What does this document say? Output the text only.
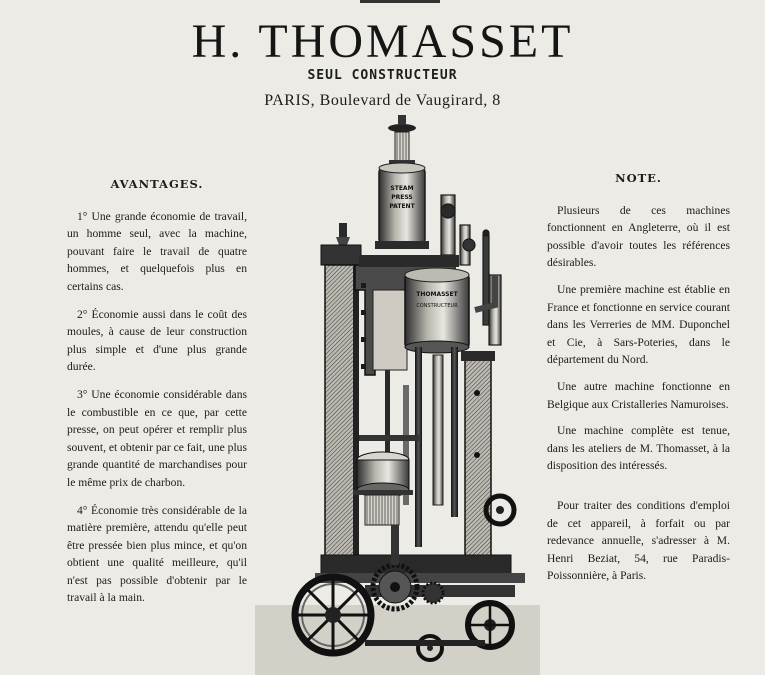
H. THOMASSET
SEUL CONSTRUCTEUR
PARIS, Boulevard de Vaugirard, 8
AVANTAGES.

1° Une grande économie de travail, un homme seul, avec la machine, pouvant faire le travail de quatre hommes, et quelquefois plus en certains cas.

2° Économie aussi dans le coût des moules, à cause de leur construction plus simple et d'une plus grande durée.

3° Une économie considérable dans le combustible en ce que, par cette presse, on peut opérer et remplir plus souvent, et obtenir par ce fait, une plus grande quantité de marchandises pour le même prix de charbon.

4° Économie très considérable de la matière première, attendu qu'elle peut être pressée bien plus mince, et qu'on obtient une qualité meilleure, qu'il n'est pas possible d'obtenir par le travail à la main.

NOTE.

Plusieurs de ces machines fonctionnent en Angleterre, où il est possible d'avoir toutes les références désirables.

Une première machine est établie en France et fonctionne en service courant dans les Verreries de MM. Duponchel et Cie, à Sars-Poteries, dans le département du Nord.

Une autre machine fonctionne en Belgique aux Cristalleries Namuroises.

Une machine complète est tenue, dans les ateliers de M. Thomasset, à la disposition des intéressés.

Pour traiter des conditions d'emploi de cet appareil, à forfait ou par redevance annuelle, s'adresser à M. Henri Beziat, 54, rue Paradis-Poissonnière, à Paris.

STEAM
PRESS
PATENT
THOMASSET
CONSTRUCTEUR
